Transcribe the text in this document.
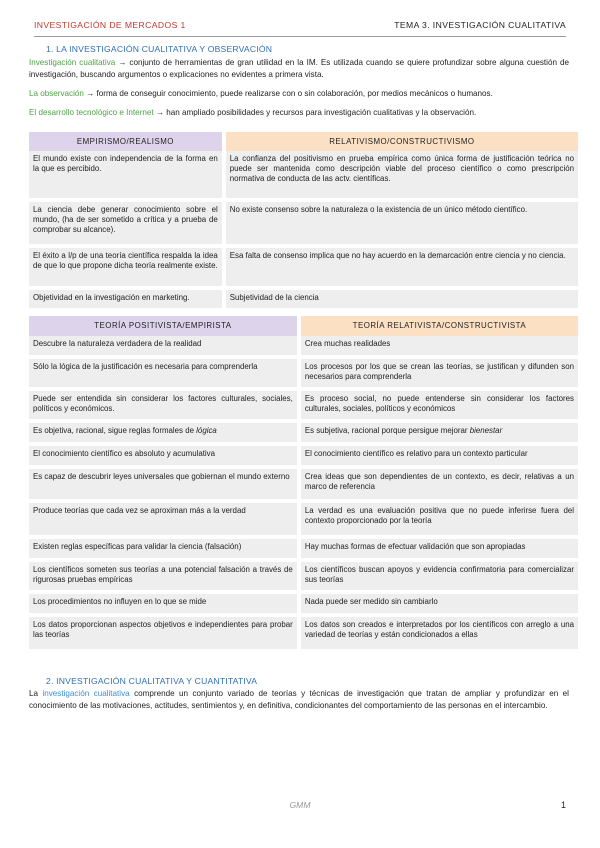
INVESTIGACIÓN DE MERCADOS 1	TEMA 3. INVESTIGACIÓN CUALITATIVA
1. LA INVESTIGACIÓN CUALITATIVA Y OBSERVACIÓN
Investigación cualitativa → conjunto de herramientas de gran utilidad en la IM. Es utilizada cuando se quiere profundizar sobre alguna cuestión de investigación, buscando argumentos o explicaciones no evidentes a primera vista.
La observación → forma de conseguir conocimiento, puede realizarse con o sin colaboración, por medios mecánicos o humanos.
El desarrollo tecnológico e Internet → han ampliado posibilidades y recursos para investigación cualitativas y la observación.
EMPIRISMO/REALISMO	RELATIVISMO/CONSTRUCTIVISMO
El mundo existe con independencia de la forma en la que es percibido.	La confianza del positivismo en prueba empírica como única forma de justificación teórica no puede ser mantenida como descripción viable del proceso científico o como prescripción normativa de conducta de las actv. científicas.

La ciencia debe generar conocimiento sobre el mundo, (ha de ser sometido a crítica y a prueba de comprobar su alcance).	No existe consenso sobre la naturaleza o la existencia de un único método científico.

El éxito a l/p de una teoría científica respalda la idea de que lo que propone dicha teoría realmente existe.	Esa falta de consenso implica que no hay acuerdo en la demarcación entre ciencia y no ciencia.

Objetividad en la investigación en marketing.	Subjetividad de la ciencia
TEORÍA POSITIVISTA/EMPIRISTA	TEORÍA RELATIVISTA/CONSTRUCTIVISTA
Descubre la naturaleza verdadera de la realidad	Crea muchas realidades

Sólo la lógica de la justificación es necesaria para comprenderla	Los procesos por los que se crean las teorías, se justifican y difunden son necesarios para comprenderla

Puede ser entendida sin considerar los factores culturales, sociales, políticos y económicos.	Es proceso social, no puede entenderse sin considerar los factores culturales, sociales, políticos y económicos

Es objetiva, racional, sigue reglas formales de lógica	Es subjetiva, racional porque persigue mejorar bienestar

El conocimiento científico es absoluto y acumulativa	El conocimiento científico es relativo para un contexto particular

Es capaz de descubrir leyes universales que gobiernan el mundo externo	Crea ideas que son dependientes de un contexto, es decir, relativas a un marco de referencia

Produce teorías que cada vez se aproximan más a la verdad	La verdad es una evaluación positiva que no puede inferirse fuera del contexto proporcionado por la teoría

Existen reglas específicas para validar la ciencia (falsación)	Hay muchas formas de efectuar validación que son apropiadas

Los científicos someten sus teorías a una potencial falsación a través de rigurosas pruebas empíricas	Los científicos buscan apoyos y evidencia confirmatoria para comercializar sus teorías

Los procedimientos no influyen en lo que se mide	Nada puede ser medido sin cambiarlo

Los datos proporcionan aspectos objetivos e independientes para probar las teorías	Los datos son creados e interpretados por los científicos con arreglo a una variedad de teorías y están condicionados a ellas
2. INVESTIGACIÓN CUALITATIVA Y CUANTITATIVA
La investigación cualitativa comprende un conjunto variado de teorías y técnicas de investigación que tratan de ampliar y profundizar en el conocimiento de las motivaciones, actitudes, sentimientos y, en definitiva, condicionantes del comportamiento de las personas en el intercambio.
GMM	1
